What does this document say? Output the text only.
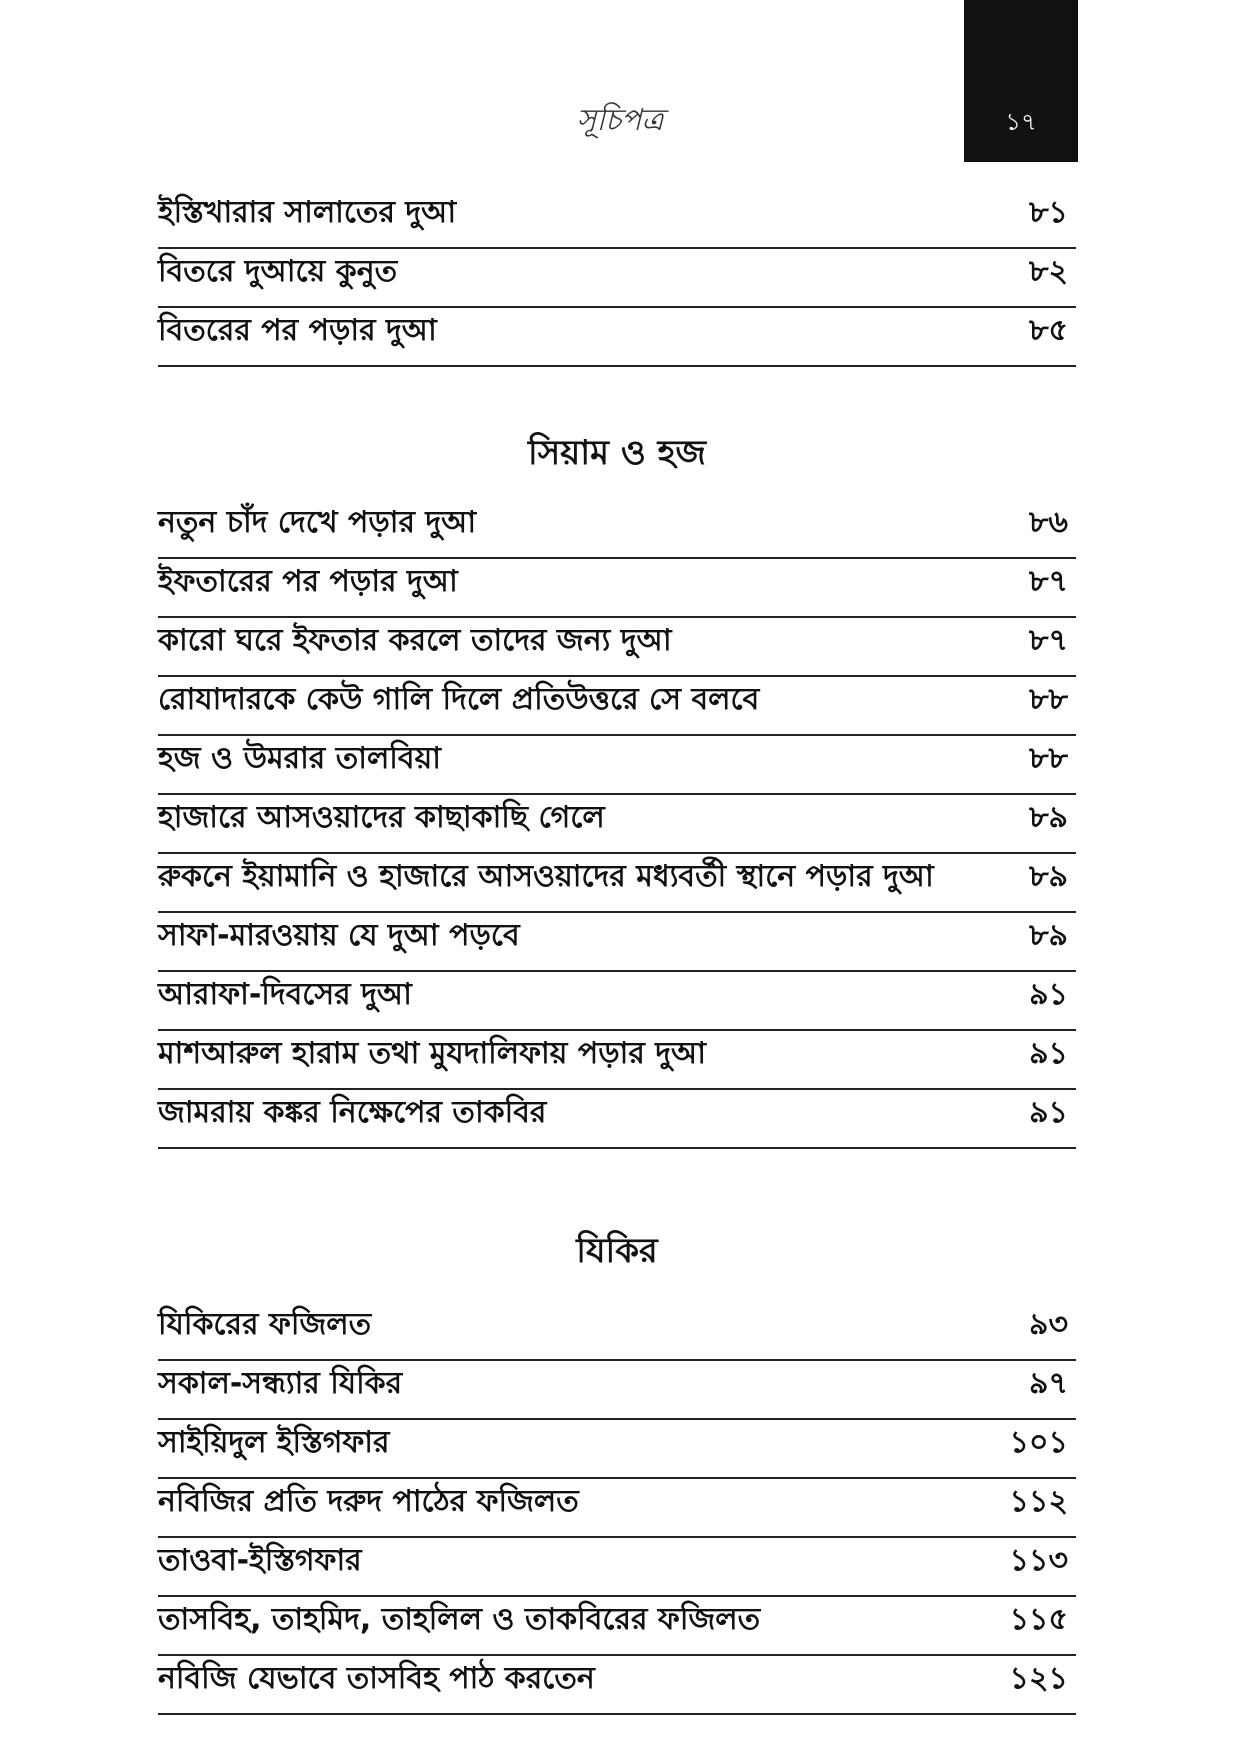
সূচিপত্র	১৭
ইস্তিখারার সালাতের দুআ	৮১
বিতরে দুআয়ে কুনুত	৮২
বিতরের পর পড়ার দুআ	৮৫
সিয়াম ও হজ
নতুন চাঁদ দেখে পড়ার দুআ	৮৬
ইফতারের পর পড়ার দুআ	৮৭
কারো ঘরে ইফতার করলে তাদের জন্য দুআ	৮৭
রোযাদারকে কেউ গালি দিলে প্রতিউত্তরে সে বলবে	৮৮
হজ ও উমরার তালবিয়া	৮৮
হাজারে আসওয়াদের কাছাকাছি গেলে	৮৯
রুকনে ইয়ামানি ও হাজারে আসওয়াদের মধ্যবর্তী স্থানে পড়ার দুআ	৮৯
সাফা-মারওয়ায় যে দুআ পড়বে	৮৯
আরাফা-দিবসের দুআ	৯১
মাশআরুল হারাম তথা মুযদালিফায় পড়ার দুআ	৯১
জামরায় কঙ্কর নিক্ষেপের তাকবির	৯১
যিকির
যিকিরের ফজিলত	৯৩
সকাল-সন্ধ্যার যিকির	৯৭
সাইয়িদুল ইস্তিগফার	১০১
নবিজির প্রতি দরুদ পাঠের ফজিলত	১১২
তাওবা-ইস্তিগফার	১১৩
তাসবিহ, তাহমিদ, তাহলিল ও তাকবিরের ফজিলত	১১৫
নবিজি যেভাবে তাসবিহ পাঠ করতেন	১২১
